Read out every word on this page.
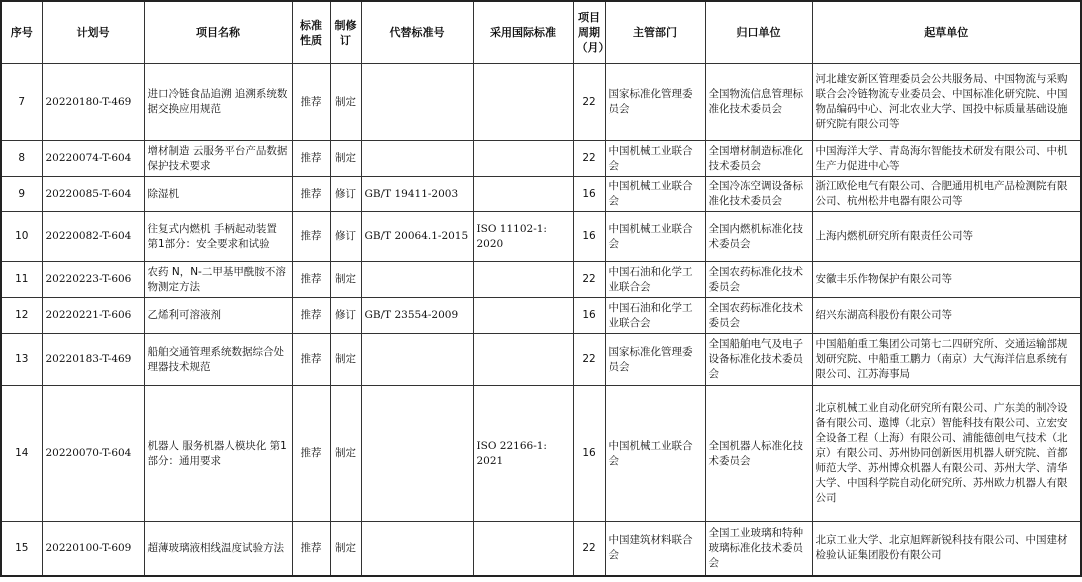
序号	计划号	项目名称	标准性质	制修订	代替标准号	采用国际标准	项目周期（月）	主管部门	归口单位	起草单位
7	20220180-T-469	进口冷链食品追溯 追溯系统数据交换应用规范	推荐	制定			22	国家标准化管理委员会	全国物流信息管理标准化技术委员会	河北雄安新区管理委员会公共服务局、中国物流与采购联合会冷链物流专业委员会、中国标准化研究院、中国物品编码中心、河北农业大学、国投中标质量基础设施研究院有限公司等
8	20220074-T-604	增材制造 云服务平台产品数据保护技术要求	推荐	制定			22	中国机械工业联合会	全国增材制造标准化技术委员会	中国海洋大学、青岛海尔智能技术研发有限公司、中机生产力促进中心等
9	20220085-T-604	除湿机	推荐	修订	GB/T 19411-2003		16	中国机械工业联合会	全国冷冻空调设备标准化技术委员会	浙江欧伦电气有限公司、合肥通用机电产品检测院有限公司、杭州松井电器有限公司等
10	20220082-T-604	往复式内燃机 手柄起动装置 第1部分：安全要求和试验	推荐	修订	GB/T 20064.1-2015	ISO 11102-1: 2020	16	中国机械工业联合会	全国内燃机标准化技术委员会	上海内燃机研究所有限责任公司等
11	20220223-T-606	农药 N，N-二甲基甲酰胺不溶物测定方法	推荐	制定			22	中国石油和化学工业联合会	全国农药标准化技术委员会	安徽丰乐作物保护有限公司等
12	20220221-T-606	乙烯利可溶液剂	推荐	修订	GB/T 23554-2009		16	中国石油和化学工业联合会	全国农药标准化技术委员会	绍兴东湖高科股份有限公司等
13	20220183-T-469	船舶交通管理系统数据综合处理器技术规范	推荐	制定			22	国家标准化管理委员会	全国船舶电气及电子设备标准化技术委员会	中国船舶重工集团公司第七二四研究所、交通运输部规划研究院、中船重工鹏力（南京）大气海洋信息系统有限公司、江苏海事局
14	20220070-T-604	机器人 服务机器人模块化 第1部分：通用要求	推荐	制定		ISO 22166-1: 2021	16	中国机械工业联合会	全国机器人标准化技术委员会	北京机械工业自动化研究所有限公司、广东美的制冷设备有限公司、遨博（北京）智能科技有限公司、立宏安全设备工程（上海）有限公司、浦能德创电气技术（北京）有限公司、苏州协同创新医用机器人研究院、首都师范大学、苏州博众机器人有限公司、苏州大学、清华大学、中国科学院自动化研究所、苏州欧力机器人有限公司
15	20220100-T-609	超薄玻璃液相线温度试验方法	推荐	制定			22	中国建筑材料联合会	全国工业玻璃和特种玻璃标准化技术委员会	北京工业大学、北京旭辉新锐科技有限公司、中国建材检验认证集团股份有限公司
